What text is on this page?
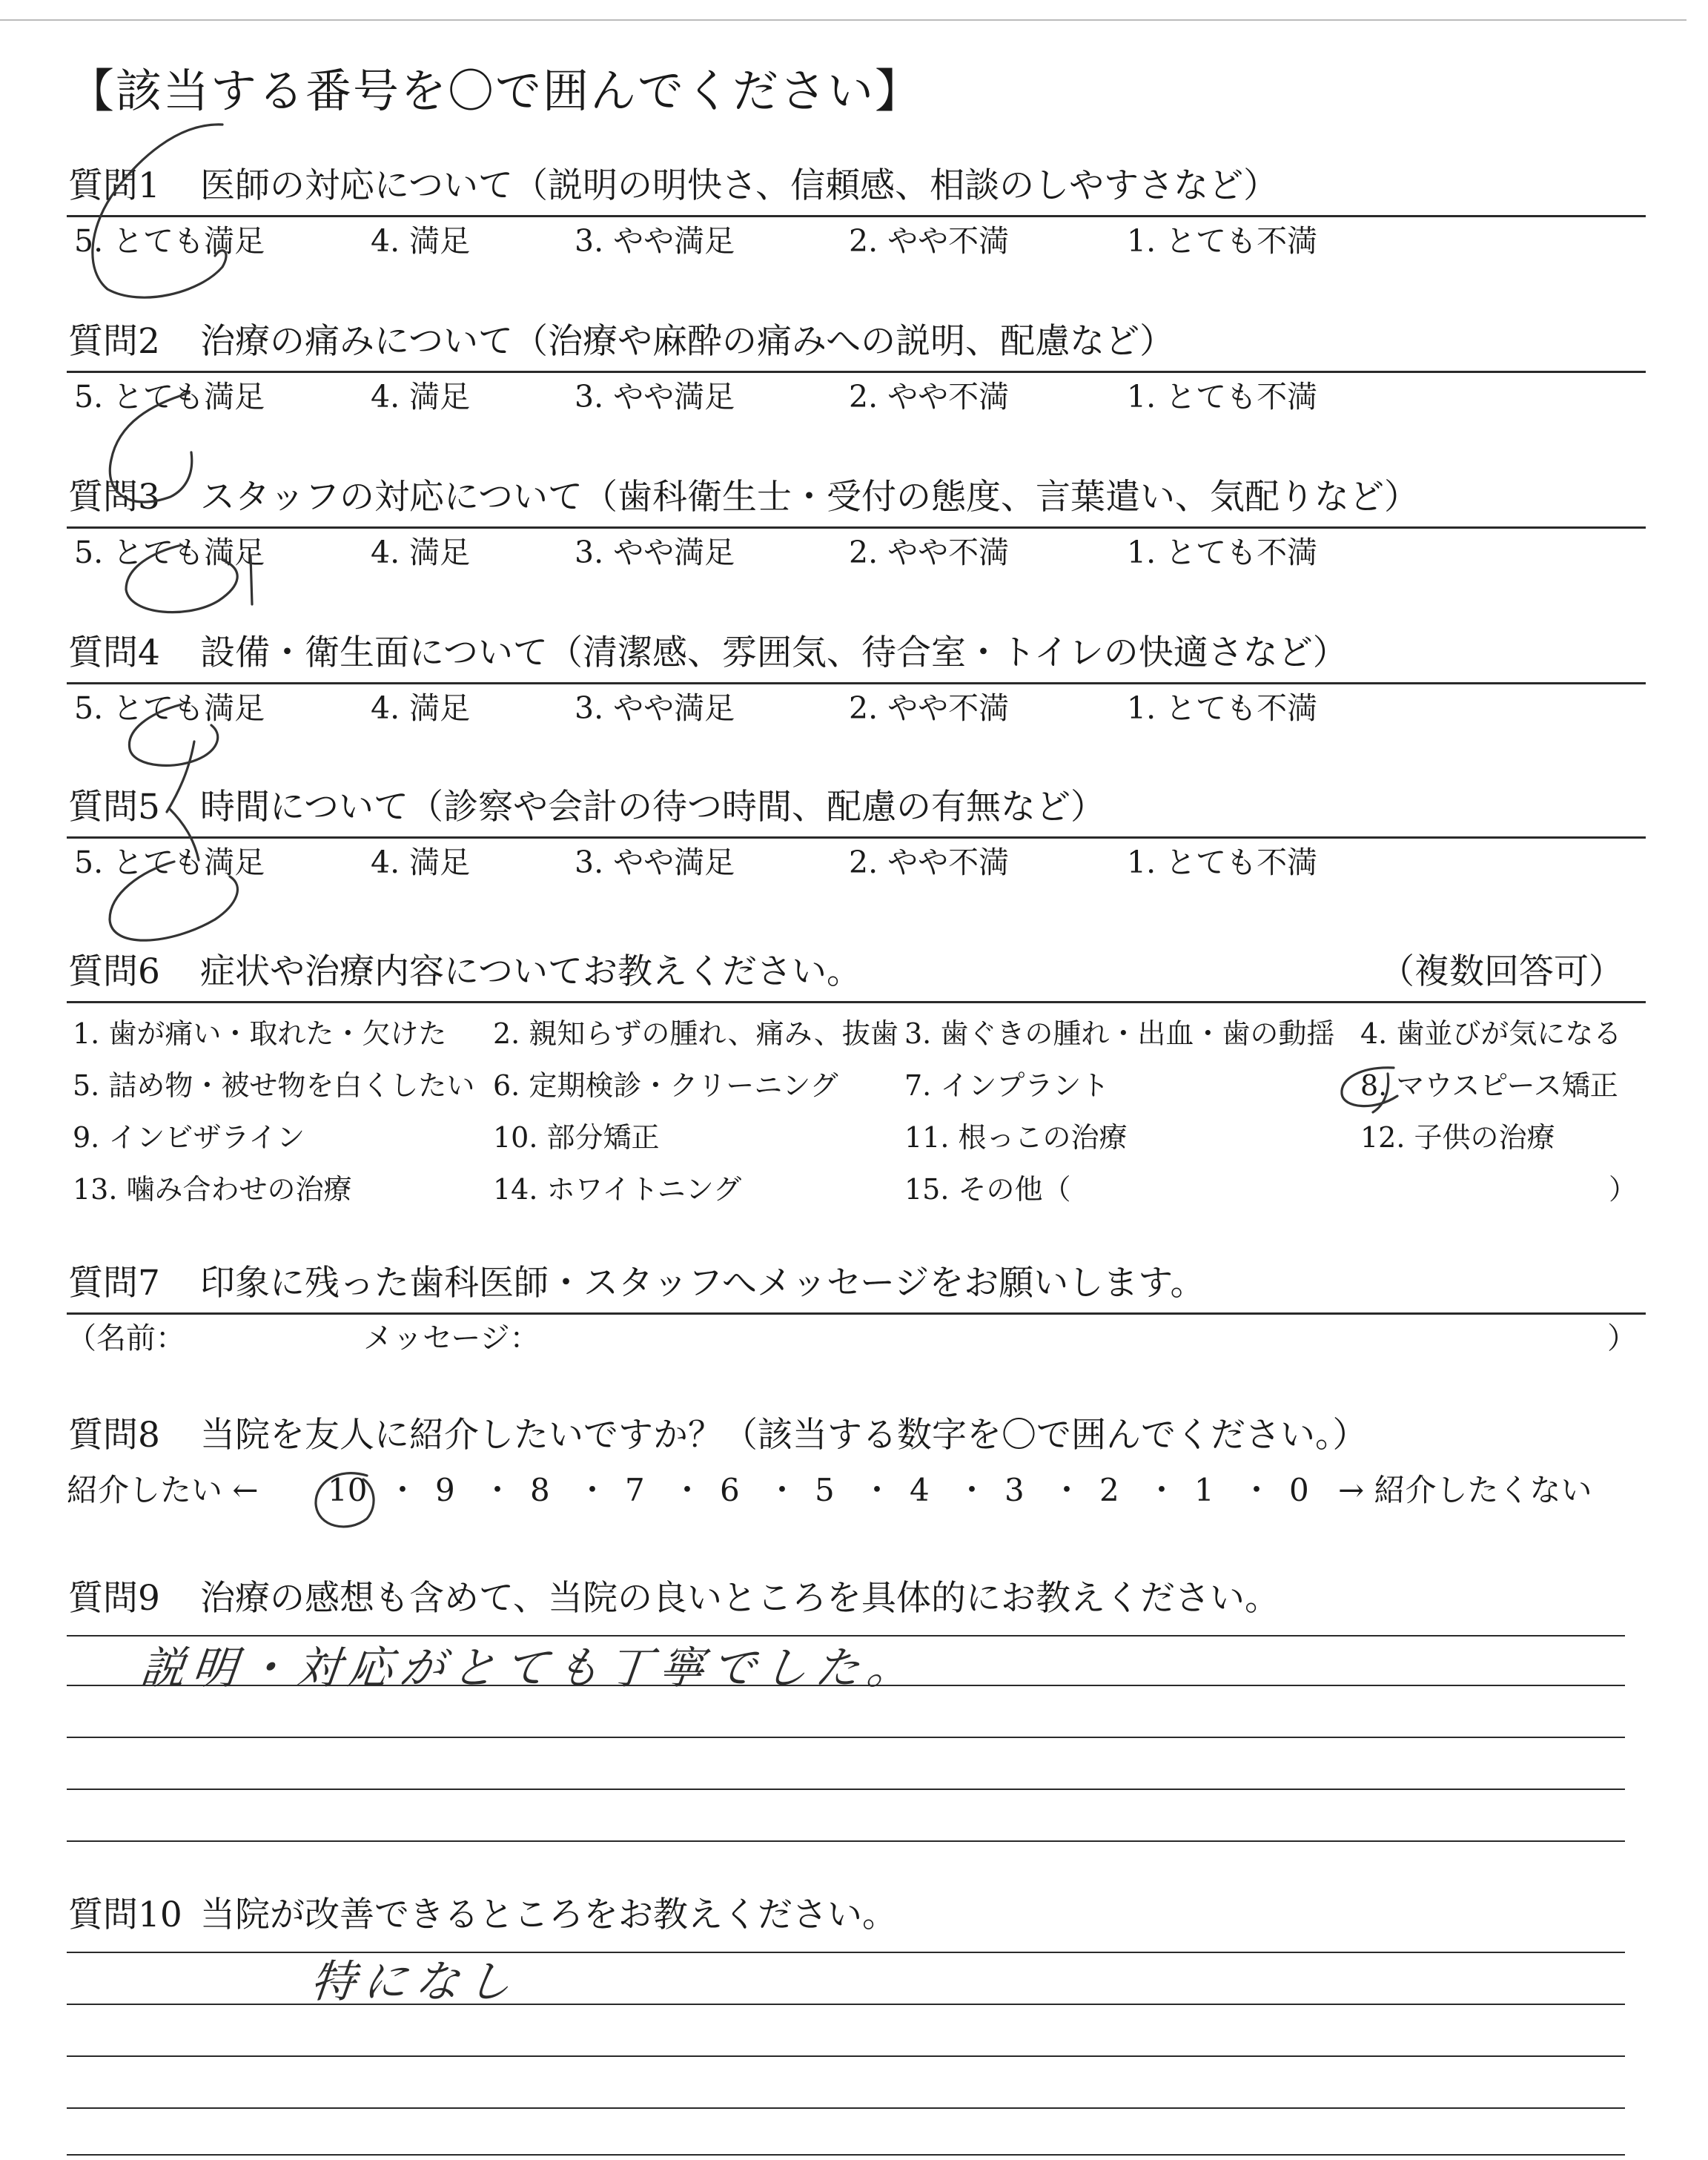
【該当する番号を〇で囲んでください】
質問1 医師の対応について（説明の明快さ、信頼感、相談のしやすさなど）
5. とても満足	4. 満足	3. やや満足	2. やや不満	1. とても不満
質問2 治療の痛みについて（治療や麻酔の痛みへの説明、配慮など）
5. とても満足	4. 満足	3. やや満足	2. やや不満	1. とても不満
質問3 スタッフの対応について（歯科衛生士・受付の態度、言葉遣い、気配りなど）
5. とても満足	4. 満足	3. やや満足	2. やや不満	1. とても不満
質問4 設備・衛生面について（清潔感、雰囲気、待合室・トイレの快適さなど）
5. とても満足	4. 満足	3. やや満足	2. やや不満	1. とても不満
質問5 時間について（診察や会計の待つ時間、配慮の有無など）
5. とても満足	4. 満足	3. やや満足	2. やや不満	1. とても不満
質問6 症状や治療内容についてお教えください。	（複数回答可）
1. 歯が痛い・取れた・欠けた 2. 親知らずの腫れ、痛み、抜歯 3. 歯ぐきの腫れ・出血・歯の動揺 4. 歯並びが気になる
5. 詰め物・被せ物を白くしたい 6. 定期検診・クリーニング 7. インプラント	8. マウスピース矯正
9. インビザライン	10. 部分矯正	11. 根っこの治療	12. 子供の治療
13. 噛み合わせの治療	14. ホワイトニング	15. その他（	）
質問7 印象に残った歯科医師・スタッフへメッセージをお願いします。
（名前：	メッセージ：	）
質問8 当院を友人に紹介したいですか？（該当する数字を〇で囲んでください。）
紹介したい ← 10 ・ 9 ・ 8 ・ 7 ・ 6 ・ 5 ・ 4 ・ 3 ・ 2 ・ 1 ・ 0 → 紹介したくない
質問9 治療の感想も含めて、当院の良いところを具体的にお教えください。
説明・対応がとても丁寧でした。
質問10 当院が改善できるところをお教えください。
特になし
